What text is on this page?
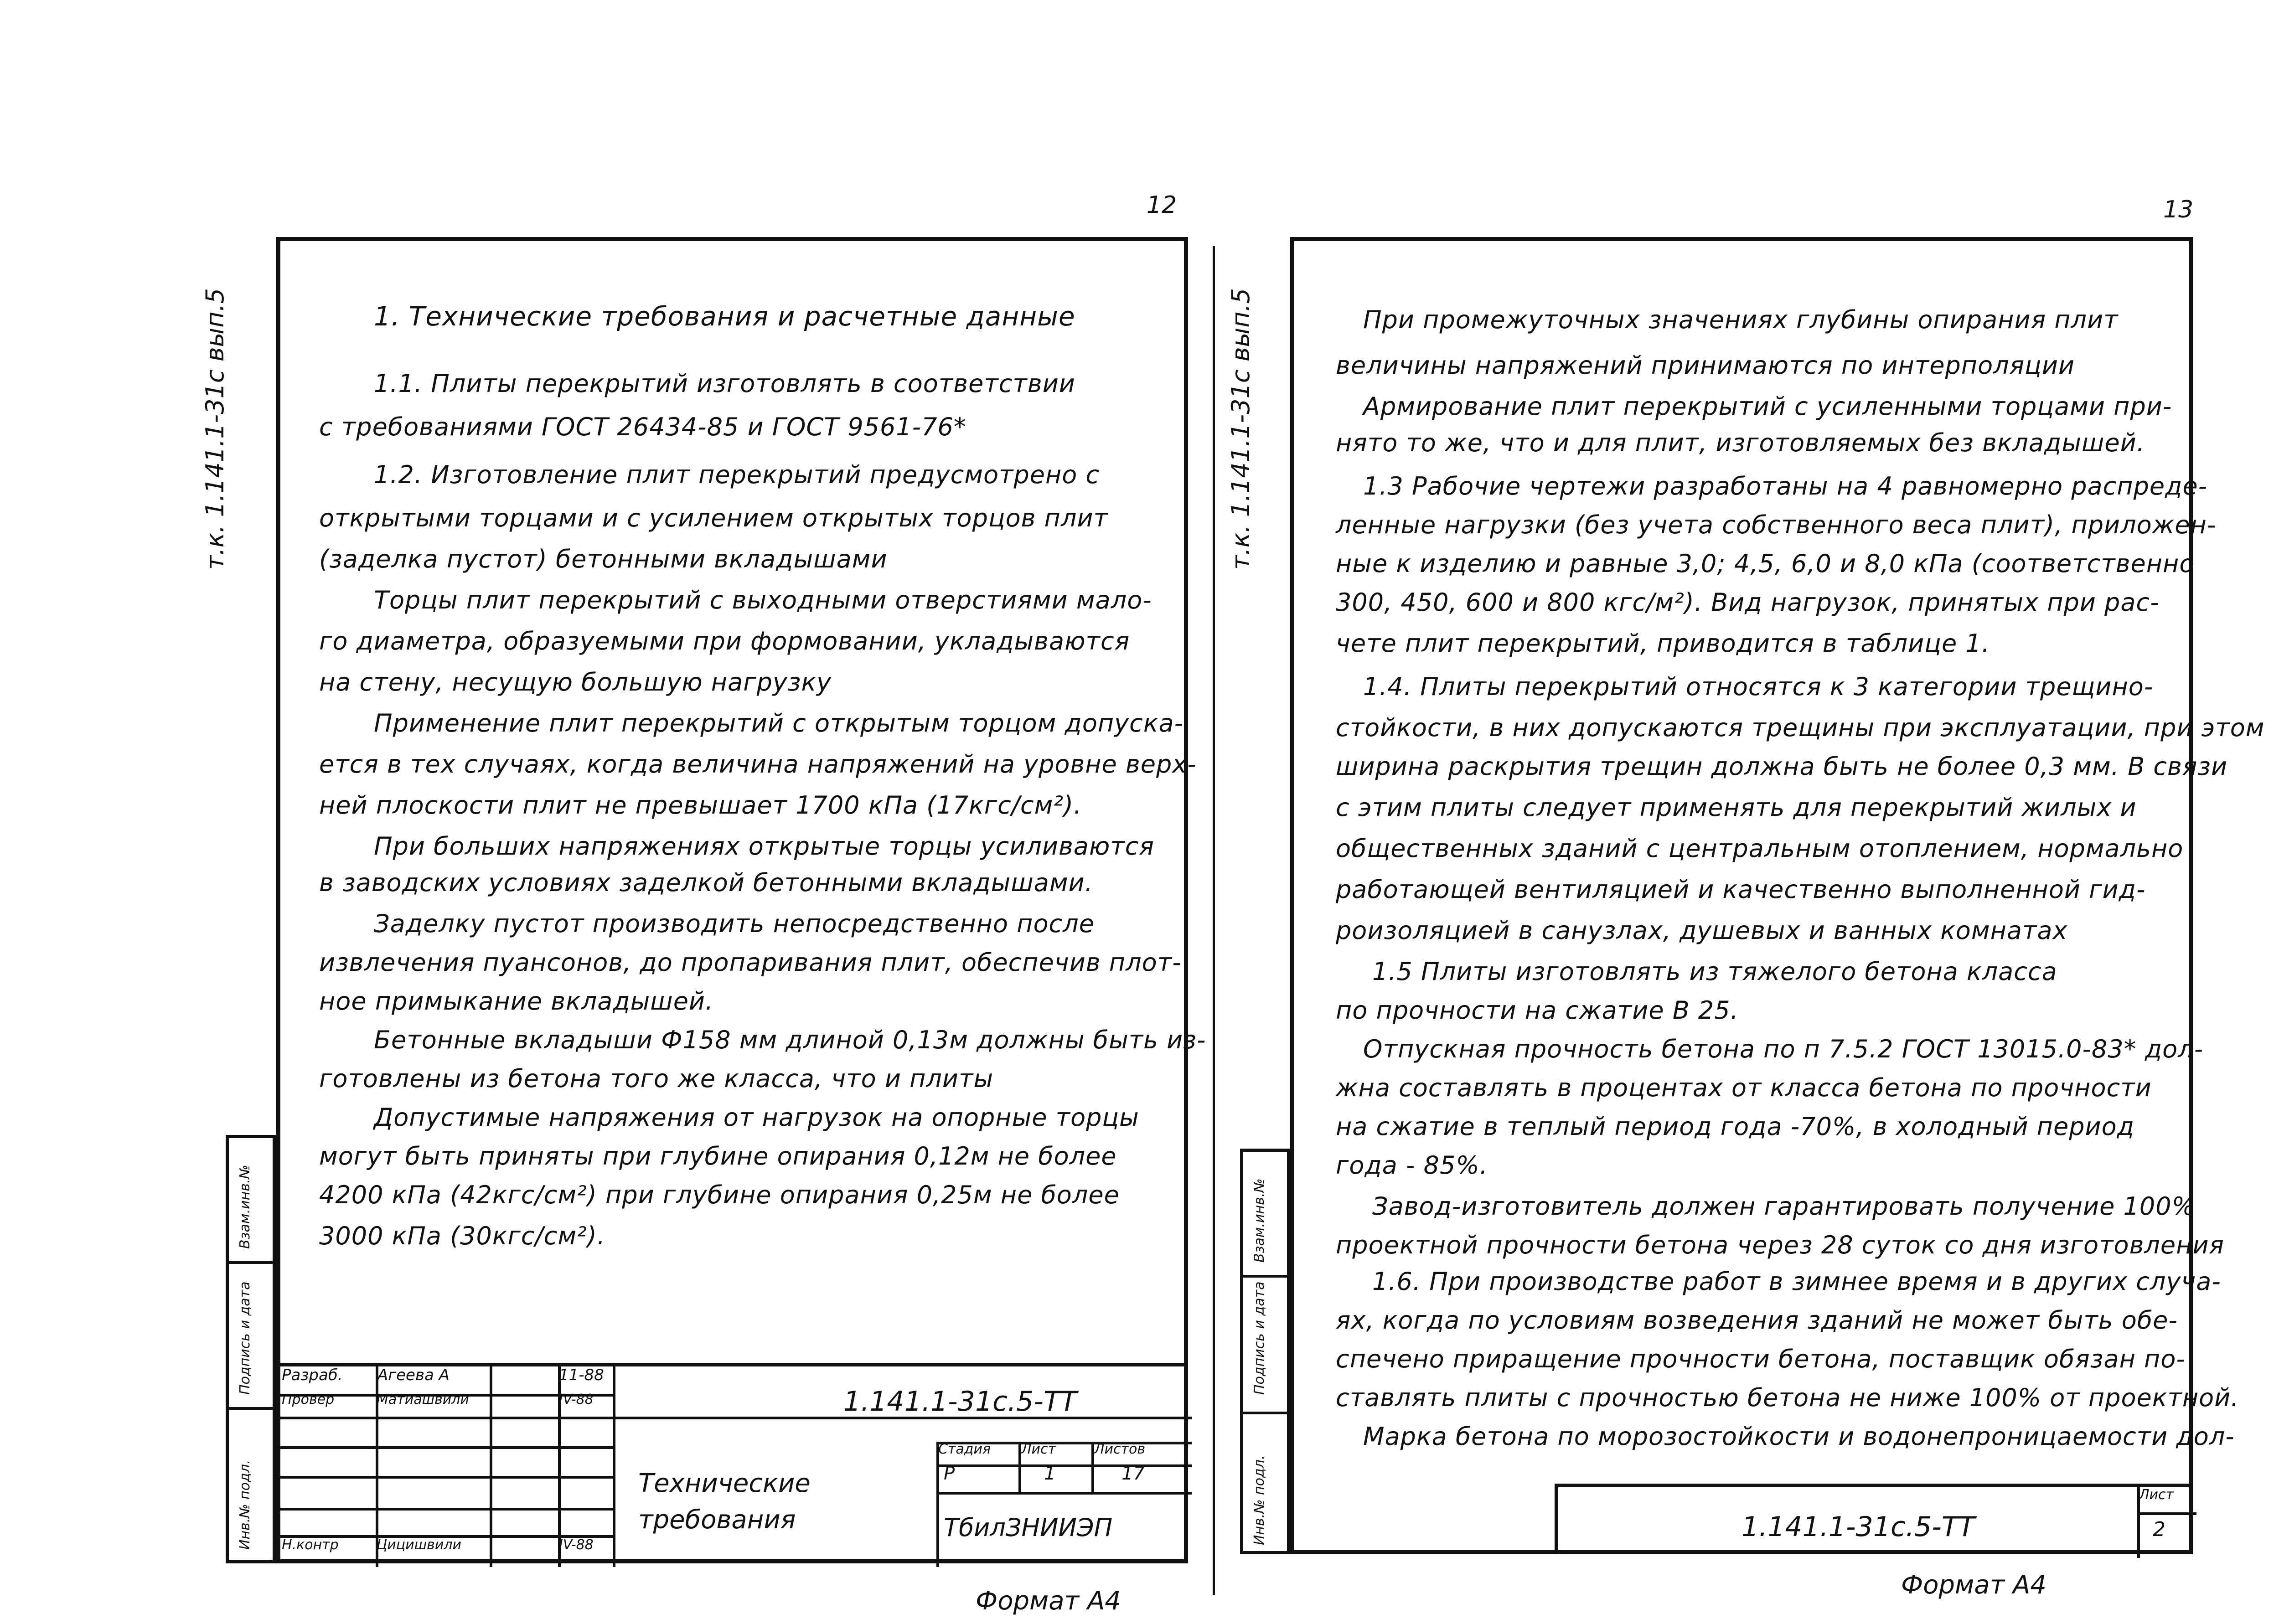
12
т.к. 1.141.1-31с вып.5	1. Технические требования и расчетные данные
1.1. Плиты перекрытий изготовлять в соответствии
с требованиями ГОСТ 26434-85 и ГОСТ 9561-76*
1.2. Изготовление плит перекрытий предусмотрено с
открытыми торцами и с усилением открытых торцов плит
(заделка пустот) бетонными вкладышами
Торцы плит перекрытий с выходными отверстиями мало-
го диаметра, образуемыми при формовании, укладываются
на стену, несущую большую нагрузку
Применение плит перекрытий с открытым торцом допуска-
ется в тех случаях, когда величина напряжений на уровне верх-
ней плоскости плит не превышает 1700 кПа (17кгс/см²).
При больших напряжениях открытые торцы усиливаются
в заводских условиях заделкой бетонными вкладышами.
Заделку пустот производить непосредственно после
извлечения пуансонов, до пропаривания плит, обеспечив плот-
ное примыкание вкладышей.
Бетонные вкладыши Ф158 мм длиной 0,13м должны быть из-
готовлены из бетона того же класса, что и плиты
Допустимые напряжения от нагрузок на опорные торцы
могут быть приняты при глубине опирания 0,12м не более
4200 кПа (42кгс/см²) при глубине опирания 0,25м не более
3000 кПа (30кгс/см²).
Инв.№ подл.
Подпись и дата
Взам.инв.№
Разраб. Агеева А	11-88
Провер	Матиашвили	IV-88
Н.контр	Цицишвили	IV-88
1.141.1-31с.5-ТТ
Технические требования
Стадия Лист	Листов
Р	1	17
ТбилЗНИИЭП
Формат А4
13
т.к. 1.141.1-31с вып.5	При промежуточных значениях глубины опирания плит
величины напряжений принимаются по интерполяции
Армирование плит перекрытий с усиленными торцами при-
нято то же, что и для плит, изготовляемых без вкладышей.
1.3 Рабочие чертежи разработаны на 4 равномерно распреде-
ленные нагрузки (без учета собственного веса плит), приложен-
ные к изделию и равные 3,0; 4,5, 6,0 и 8,0 кПа (соответственно
300, 450, 600 и 800 кгс/м²). Вид нагрузок, принятых при рас-
чете плит перекрытий, приводится в таблице 1.
1.4. Плиты перекрытий относятся к 3 категории трещино-
стойкости, в них допускаются трещины при эксплуатации, при этом
ширина раскрытия трещин должна быть не более 0,3 мм. В связи
с этим плиты следует применять для перекрытий жилых и
общественных зданий с центральным отоплением, нормально
работающей вентиляцией и качественно выполненной гид-
роизоляцией в санузлах, душевых и ванных комнатах
1.5 Плиты изготовлять из тяжелого бетона класса
по прочности на сжатие В 25.
Отпускная прочность бетона по п 7.5.2 ГОСТ 13015.0-83* дол-
жна составлять в процентах от класса бетона по прочности
на сжатие в теплый период года -70%, в холодный период
года - 85%.
Завод-изготовитель должен гарантировать получение 100%
проектной прочности бетона через 28 суток со дня изготовления
1.6. При производстве работ в зимнее время и в других случа-
ях, когда по условиям возведения зданий не может быть обе-
спечено приращение прочности бетона, поставщик обязан по-
ставлять плиты с прочностью бетона не ниже 100% от проектной.
Марка бетона по морозостойкости и водонепроницаемости дол-
Инв.№ подл.
Подпись и дата
Взам.инв.№
1.141.1-31с.5-ТТ
Лист
2
Формат А4
